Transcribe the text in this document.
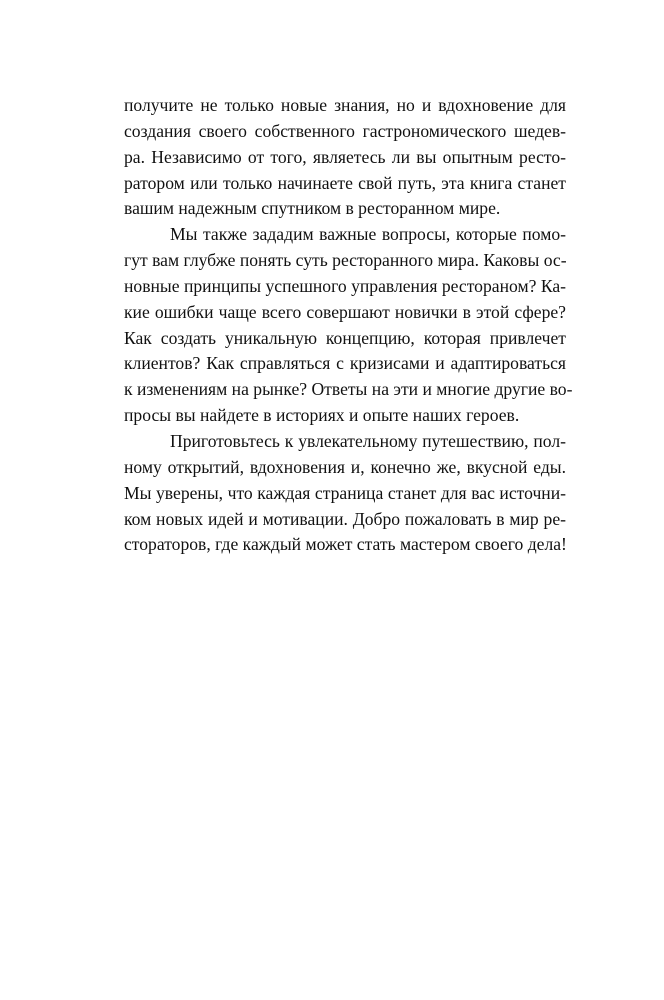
получите не только новые знания, но и вдохновение для
создания своего собственного гастрономического шедев-
ра. Независимо от того, являетесь ли вы опытным ресто-
ратором или только начинаете свой путь, эта книга станет
вашим надежным спутником в ресторанном мире.
Мы также зададим важные вопросы, которые помо-
гут вам глубже понять суть ресторанного мира. Каковы ос-
новные принципы успешного управления рестораном? Ка-
кие ошибки чаще всего совершают новички в этой сфере?
Как создать уникальную концепцию, которая привлечет
клиентов? Как справляться с кризисами и адаптироваться
к изменениям на рынке? Ответы на эти и многие другие во-
просы вы найдете в историях и опыте наших героев.
Приготовьтесь к увлекательному путешествию, пол-
ному открытий, вдохновения и, конечно же, вкусной еды.
Мы уверены, что каждая страница станет для вас источни-
ком новых идей и мотивации. Добро пожаловать в мир ре-
стораторов, где каждый может стать мастером своего дела!
